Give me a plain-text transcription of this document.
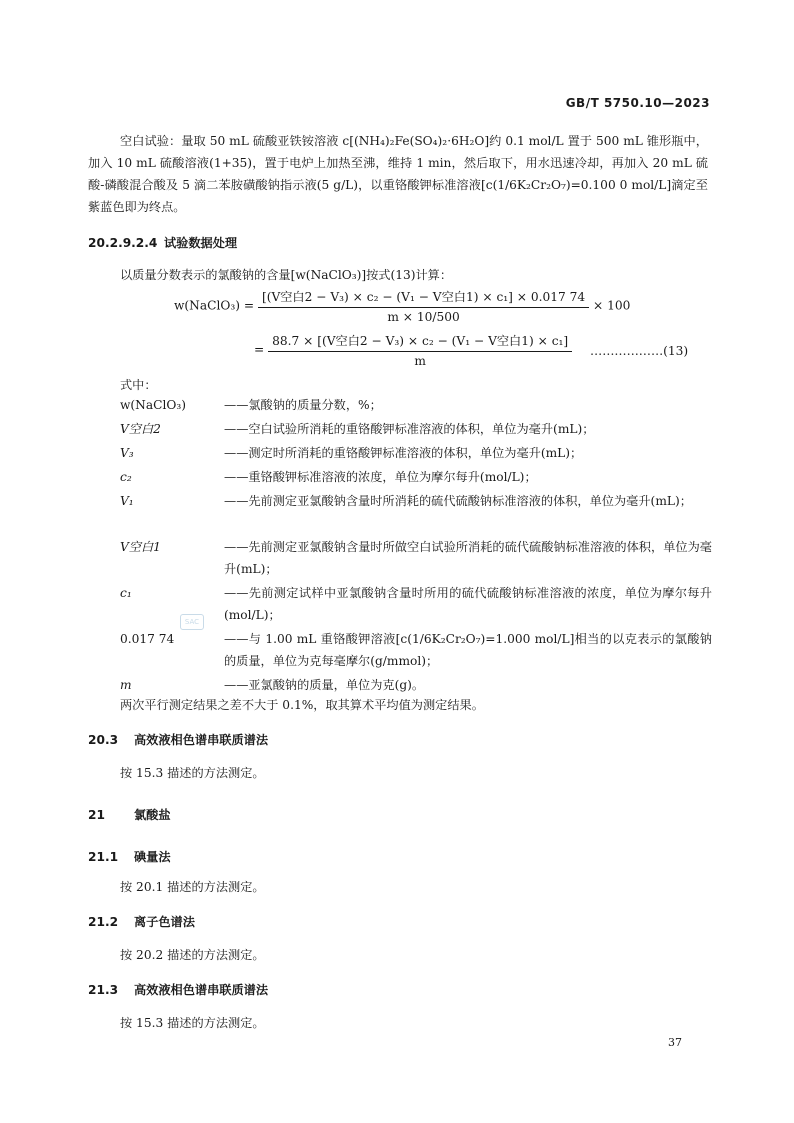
GB/T 5750.10—2023
空白试验：量取 50 mL 硫酸亚铁铵溶液 c[(NH₄)₂Fe(SO₄)₂·6H₂O]约 0.1 mol/L 置于 500 mL 锥形瓶中，加入 10 mL 硫酸溶液(1+35)，置于电炉上加热至沸，维持 1 min，然后取下，用水迅速冷却，再加入 20 mL 硫酸-磷酸混合酸及 5 滴二苯胺磺酸钠指示液(5 g/L)，以重铬酸钾标准溶液[c(1/6K₂Cr₂O₇)=0.100 0 mol/L]滴定至紫蓝色即为终点。
20.2.9.2.4 试验数据处理
以质量分数表示的氯酸钠的含量[w(NaClO₃)]按式(13)计算：
w(NaClO₃) = $\frac{\text{[(V空白2 − V₃) × c₂ − (V₁ − V空白1) × c₁] × 0.017 74}}{m \times 10/500} \times 100$
= $\frac{\text{88.7 × [(V空白2 − V₃) × c₂ − (V₁ − V空白1) × c₁]}}{m}$ ………………(13)
式中：
w(NaClO₃)	——氯酸钠的质量分数，%；
V空白2	——空白试验所消耗的重铬酸钾标准溶液的体积，单位为毫升(mL)；
V₃	——测定时所消耗的重铬酸钾标准溶液的体积，单位为毫升(mL)；
c₂	——重铬酸钾标准溶液的浓度，单位为摩尔每升(mol/L)；
V₁	——先前测定亚氯酸钠含量时所消耗的硫代硫酸钠标准溶液的体积，单位为毫升(mL)；
V空白1	——先前测定亚氯酸钠含量时所做空白试验所消耗的硫代硫酸钠标准溶液的体积，单位为毫升(mL)；
c₁	——先前测定试样中亚氯酸钠含量时所用的硫代硫酸钠标准溶液的浓度，单位为摩尔每升(mol/L)；
0.017 74	——与 1.00 mL 重铬酸钾溶液[c(1/6K₂Cr₂O₇)=1.000 mol/L]相当的以克表示的氯酸钠的质量，单位为克每毫摩尔(g/mmol)；
m	——亚氯酸钠的质量，单位为克(g)。
SAC
两次平行测定结果之差不大于 0.1%，取其算术平均值为测定结果。
20.3 高效液相色谱串联质谱法
按 15.3 描述的方法测定。
21 氯酸盐
21.1 碘量法
按 20.1 描述的方法测定。
21.2 离子色谱法
按 20.2 描述的方法测定。
21.3 高效液相色谱串联质谱法
按 15.3 描述的方法测定。
37
